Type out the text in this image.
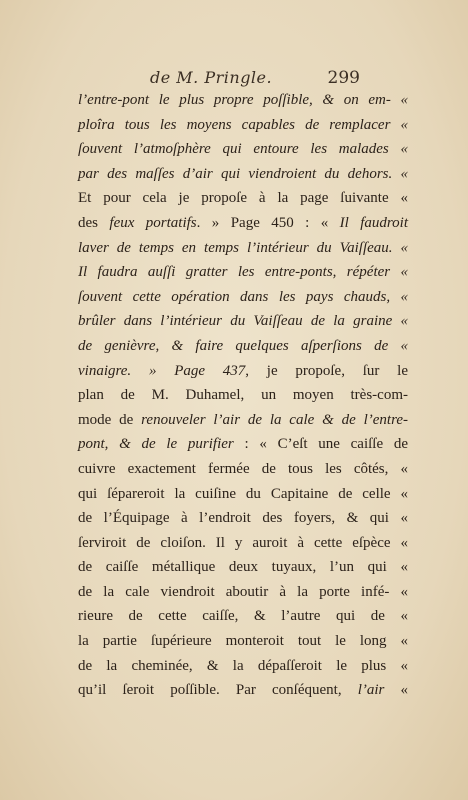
de M. Pringle.	299
l’entre-pont le plus propre poſſible, & on em- «
ploîra tous les moyens capables de remplacer «
ſouvent l’atmoſphère qui entoure les malades «
par des maſſes d’air qui viendroient du dehors. «
Et pour cela je propoſe à la page ſuivante «
des feux portatifs. » Page 450 : « Il faudroit
laver de temps en temps l’intérieur du Vaiſſeau. «
Il faudra auſſi gratter les entre-ponts, répéter «
ſouvent cette opération dans les pays chauds, «
brûler dans l’intérieur du Vaiſſeau de la graine «
de genièvre, & faire quelques aſperſions de «
vinaigre. » Page 437, je propoſe, ſur le
plan de M. Duhamel, un moyen très-com-
mode de renouveler l’air de la cale & de l’entre-
pont, & de le purifier : « C’eſt une caiſſe de
cuivre exactement fermée de tous les côtés, «
qui ſépareroit la cuiſine du Capitaine de celle «
de l’Équipage à l’endroit des foyers, & qui «
ſerviroit de cloiſon. Il y auroit à cette eſpèce «
de caiſſe métallique deux tuyaux, l’un qui «
de la cale viendroit aboutir à la porte infé- «
rieure de cette caiſſe, & l’autre qui de «
la partie ſupérieure monteroit tout le long «
de la cheminée, & la dépaſſeroit le plus «
qu’il ſeroit poſſible. Par conſéquent, l’air «
